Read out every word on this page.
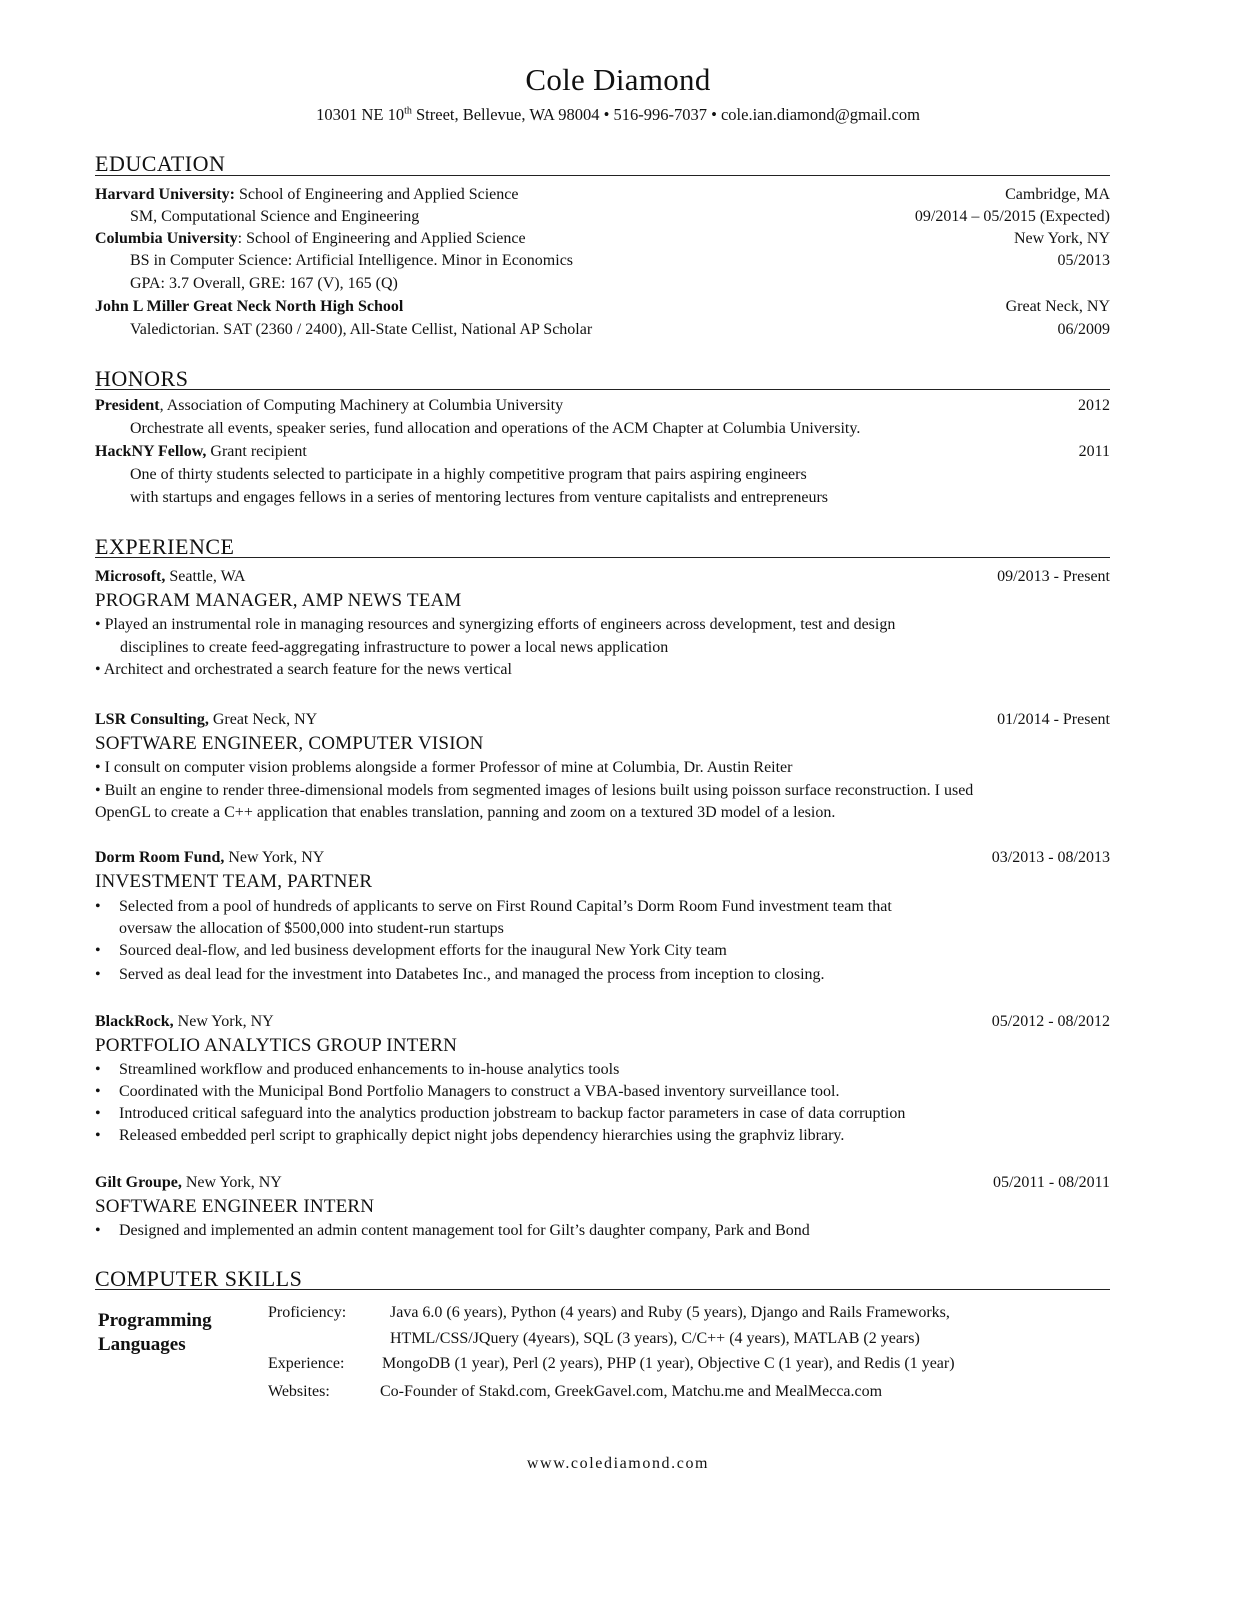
Cole Diamond
10301 NE 10th Street, Bellevue, WA 98004 • 516-996-7037 • cole.ian.diamond@gmail.com
EDUCATION
Harvard University: School of Engineering and Applied Science	Cambridge, MA
SM, Computational Science and Engineering	09/2014 – 05/2015 (Expected)
Columbia University: School of Engineering and Applied Science	New York, NY
BS in Computer Science: Artificial Intelligence. Minor in Economics	05/2013
GPA: 3.7 Overall, GRE: 167 (V), 165 (Q)
John L Miller Great Neck North High School	Great Neck, NY
Valedictorian. SAT (2360 / 2400), All-State Cellist, National AP Scholar	06/2009
HONORS
President, Association of Computing Machinery at Columbia University	2012
Orchestrate all events, speaker series, fund allocation and operations of the ACM Chapter at Columbia University.
HackNY Fellow, Grant recipient	2011
One of thirty students selected to participate in a highly competitive program that pairs aspiring engineers
with startups and engages fellows in a series of mentoring lectures from venture capitalists and entrepreneurs
EXPERIENCE
Microsoft, Seattle, WA	09/2013 - Present
PROGRAM MANAGER, AMP NEWS TEAM
• Played an instrumental role in managing resources and synergizing efforts of engineers across development, test and design
disciplines to create feed-aggregating infrastructure to power a local news application
• Architect and orchestrated a search feature for the news vertical
LSR Consulting, Great Neck, NY	01/2014 - Present
SOFTWARE ENGINEER, COMPUTER VISION
• I consult on computer vision problems alongside a former Professor of mine at Columbia, Dr. Austin Reiter
• Built an engine to render three-dimensional models from segmented images of lesions built using poisson surface reconstruction. I used
OpenGL to create a C++ application that enables translation, panning and zoom on a textured 3D model of a lesion.
Dorm Room Fund, New York, NY	03/2013 - 08/2013
INVESTMENT TEAM, PARTNER
• Selected from a pool of hundreds of applicants to serve on First Round Capital’s Dorm Room Fund investment team that
oversaw the allocation of $500,000 into student-run startups
• Sourced deal-flow, and led business development efforts for the inaugural New York City team
• Served as deal lead for the investment into Databetes Inc., and managed the process from inception to closing.
BlackRock, New York, NY	05/2012 - 08/2012
PORTFOLIO ANALYTICS GROUP INTERN
• Streamlined workflow and produced enhancements to in-house analytics tools
• Coordinated with the Municipal Bond Portfolio Managers to construct a VBA-based inventory surveillance tool.
• Introduced critical safeguard into the analytics production jobstream to backup factor parameters in case of data corruption
• Released embedded perl script to graphically depict night jobs dependency hierarchies using the graphviz library.
Gilt Groupe, New York, NY	05/2011 - 08/2011
SOFTWARE ENGINEER INTERN
• Designed and implemented an admin content management tool for Gilt’s daughter company, Park and Bond
COMPUTER SKILLS
Programming Languages
Proficiency:	Java 6.0 (6 years), Python (4 years) and Ruby (5 years), Django and Rails Frameworks,
HTML/CSS/JQuery (4years), SQL (3 years), C/C++ (4 years), MATLAB (2 years)
Experience: MongoDB (1 year), Perl (2 years), PHP (1 year), Objective C (1 year), and Redis (1 year)
Websites:	Co-Founder of Stakd.com, GreekGavel.com, Matchu.me and MealMecca.com
www.colediamond.com
